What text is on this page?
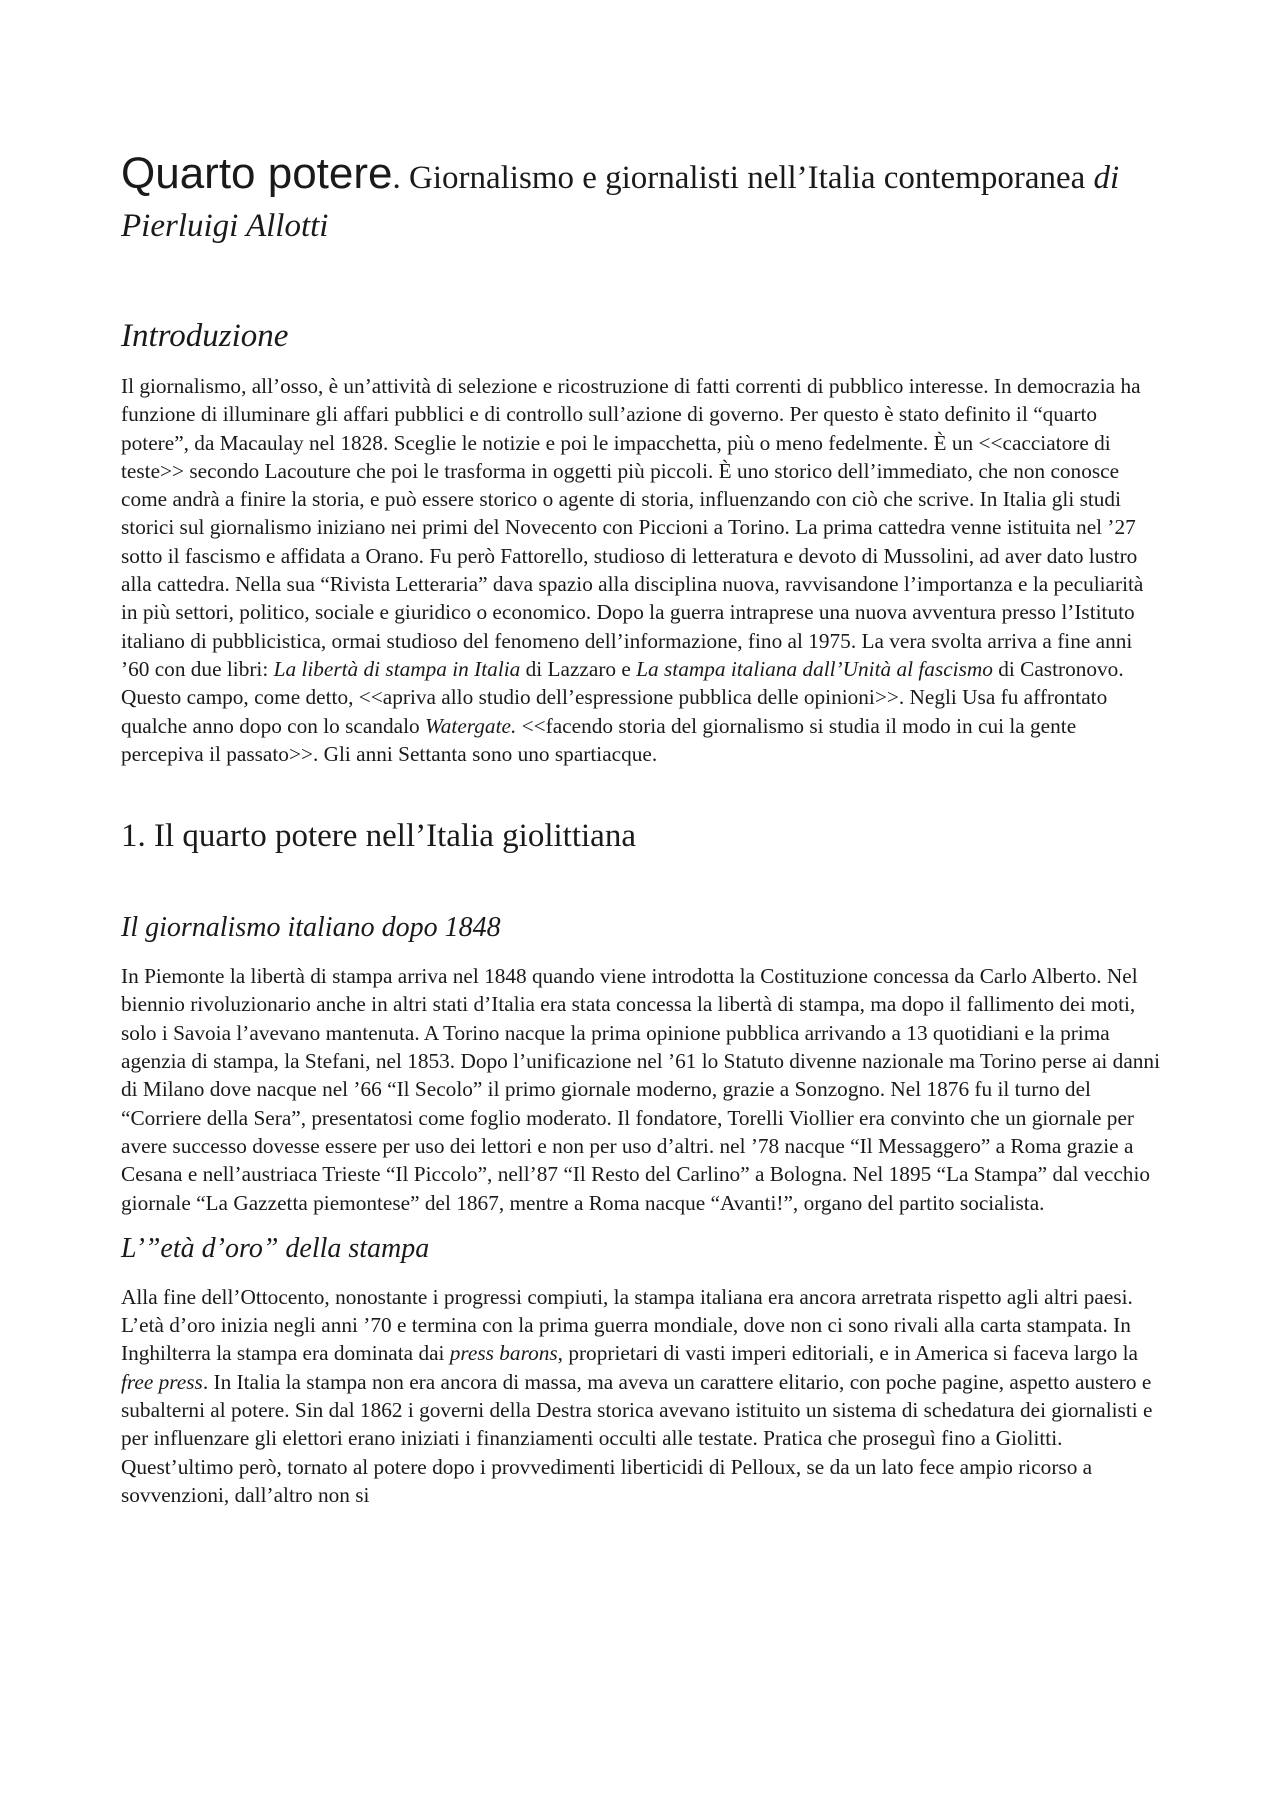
Quarto potere. Giornalismo e giornalisti nell’Italia contemporanea di Pierluigi Allotti
Introduzione

Il giornalismo, all’osso, è un’attività di selezione e ricostruzione di fatti correnti di pubblico interesse. In democrazia ha funzione di illuminare gli affari pubblici e di controllo sull’azione di governo. Per questo è stato definito il “quarto potere”, da Macaulay nel 1828. Sceglie le notizie e poi le impacchetta, più o meno fedelmente. È un <<cacciatore di teste>> secondo Lacouture che poi le trasforma in oggetti più piccoli. È uno storico dell’immediato, che non conosce come andrà a finire la storia, e può essere storico o agente di storia, influenzando con ciò che scrive. In Italia gli studi storici sul giornalismo iniziano nei primi del Novecento con Piccioni a Torino. La prima cattedra venne istituita nel ’27 sotto il fascismo e affidata a Orano. Fu però Fattorello, studioso di letteratura e devoto di Mussolini, ad aver dato lustro alla cattedra. Nella sua “Rivista Letteraria” dava spazio alla disciplina nuova, ravvisandone l’importanza e la peculiarità in più settori, politico, sociale e giuridico o economico. Dopo la guerra intraprese una nuova avventura presso l’Istituto italiano di pubblicistica, ormai studioso del fenomeno dell’informazione, fino al 1975. La vera svolta arriva a fine anni ’60 con due libri: La libertà di stampa in Italia di Lazzaro e La stampa italiana dall’Unità al fascismo di Castronovo. Questo campo, come detto, <<apriva allo studio dell’espressione pubblica delle opinioni>>. Negli Usa fu affrontato qualche anno dopo con lo scandalo Watergate. <<facendo storia del giornalismo si studia il modo in cui la gente percepiva il passato>>. Gli anni Settanta sono uno spartiacque.

1. Il quarto potere nell’Italia giolittiana
Il giornalismo italiano dopo 1848

In Piemonte la libertà di stampa arriva nel 1848 quando viene introdotta la Costituzione concessa da Carlo Alberto. Nel biennio rivoluzionario anche in altri stati d’Italia era stata concessa la libertà di stampa, ma dopo il fallimento dei moti, solo i Savoia l’avevano mantenuta. A Torino nacque la prima opinione pubblica arrivando a 13 quotidiani e la prima agenzia di stampa, la Stefani, nel 1853. Dopo l’unificazione nel ’61 lo Statuto divenne nazionale ma Torino perse ai danni di Milano dove nacque nel ’66 “Il Secolo” il primo giornale moderno, grazie a Sonzogno. Nel 1876 fu il turno del “Corriere della Sera”, presentatosi come foglio moderato. Il fondatore, Torelli Viollier era convinto che un giornale per avere successo dovesse essere per uso dei lettori e non per uso d’altri. nel ’78 nacque “Il Messaggero” a Roma grazie a Cesana e nell’austriaca Trieste “Il Piccolo”, nell’87 “Il Resto del Carlino” a Bologna. Nel 1895 “La Stampa” dal vecchio giornale “La Gazzetta piemontese” del 1867, mentre a Roma nacque “Avanti!”, organo del partito socialista.

L’”età d’oro” della stampa

Alla fine dell’Ottocento, nonostante i progressi compiuti, la stampa italiana era ancora arretrata rispetto agli altri paesi. L’età d’oro inizia negli anni ’70 e termina con la prima guerra mondiale, dove non ci sono rivali alla carta stampata. In Inghilterra la stampa era dominata dai press barons, proprietari di vasti imperi editoriali, e in America si faceva largo la free press. In Italia la stampa non era ancora di massa, ma aveva un carattere elitario, con poche pagine, aspetto austero e subalterni al potere. Sin dal 1862 i governi della Destra storica avevano istituito un sistema di schedatura dei giornalisti e per influenzare gli elettori erano iniziati i finanziamenti occulti alle testate. Pratica che proseguì fino a Giolitti. Quest’ultimo però, tornato al potere dopo i provvedimenti liberticidi di Pelloux, se da un lato fece ampio ricorso a sovvenzioni, dall’altro non si
